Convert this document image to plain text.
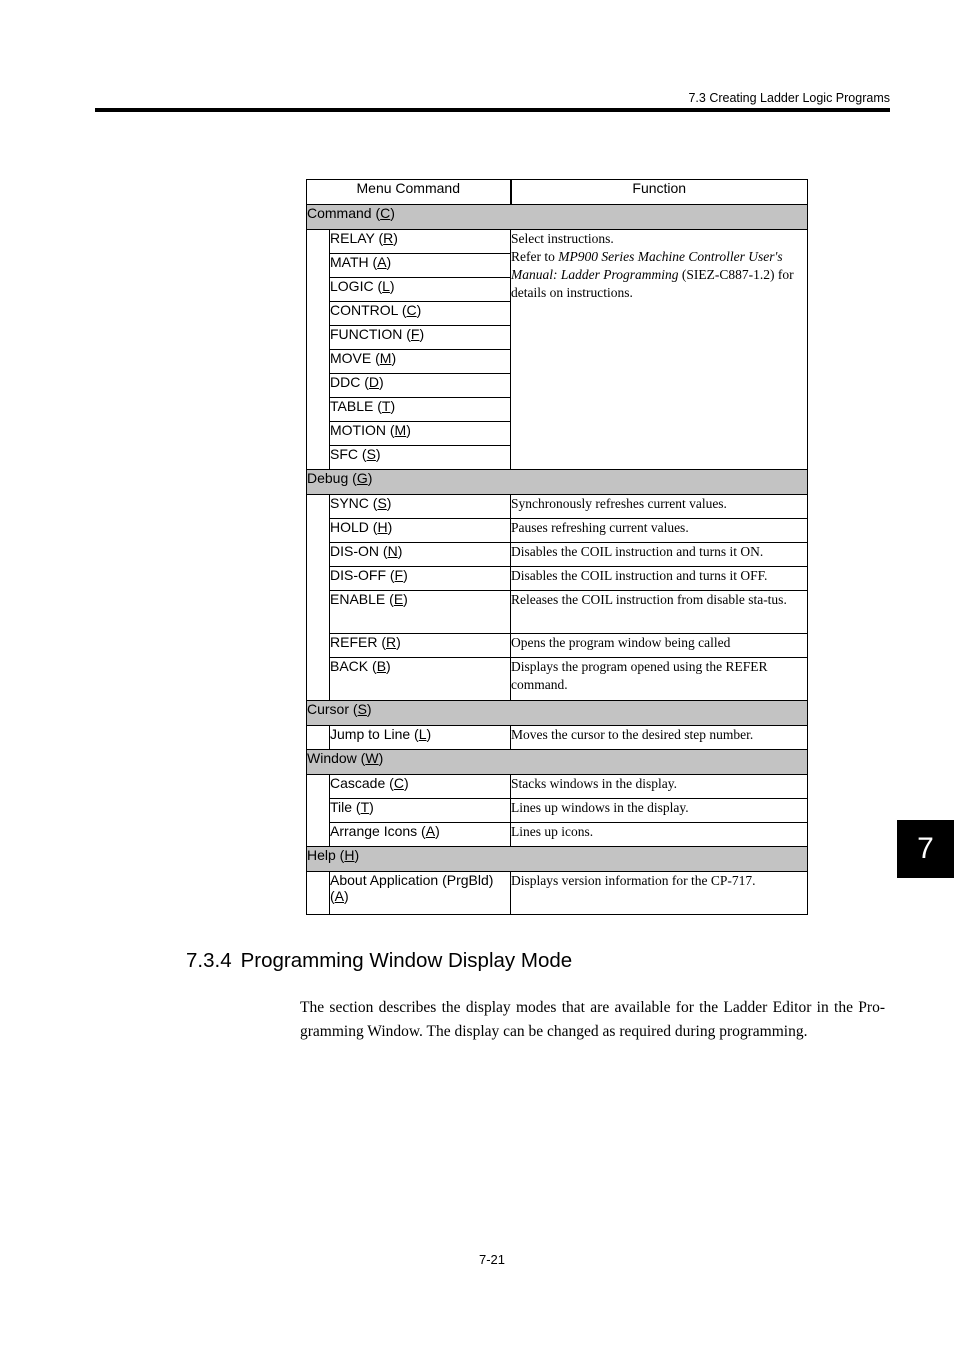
7.3 Creating Ladder Logic Programs
7
Menu Command		Function
Command (C)		
	RELAY (R)	Select instructions.
Refer to MP900 Series Machine Controller User's Manual: Ladder Programming (SIEZ-C887-1.2) for details on instructions.

	MATH (A)	
	LOGIC (L)	
	CONTROL (C)	
	FUNCTION (F)	
	MOVE (M)	
	DDC (D)	
	TABLE (T)	
	MOTION (M)	
	SFC (S)	
Debug (G)		
	SYNC (S)	Synchronously refreshes current values.
	HOLD (H)	Pauses refreshing current values.
	DIS-ON (N)	Disables the COIL instruction and turns it ON.
	DIS-OFF (F)	Disables the COIL instruction and turns it OFF.
	ENABLE (E)	Releases the COIL instruction from disable sta-tus.
	REFER (R)	Opens the program window being called
	BACK (B)	Displays the program opened using the REFER command.
Cursor (S)		
	Jump to Line (L)	Moves the cursor to the desired step number.
Window (W)		
	Cascade (C)	Stacks windows in the display.
	Tile (T)	Lines up windows in the display.
	Arrange Icons (A)	Lines up icons.
Help (H)		
	About Application (PrgBld) (A)	Displays version information for the CP-717.
7.3.4 Programming Window Display Mode

The section describes the display modes that are available for the Ladder Editor in the Pro-gramming Window. The display can be changed as required during programming.

7-21
